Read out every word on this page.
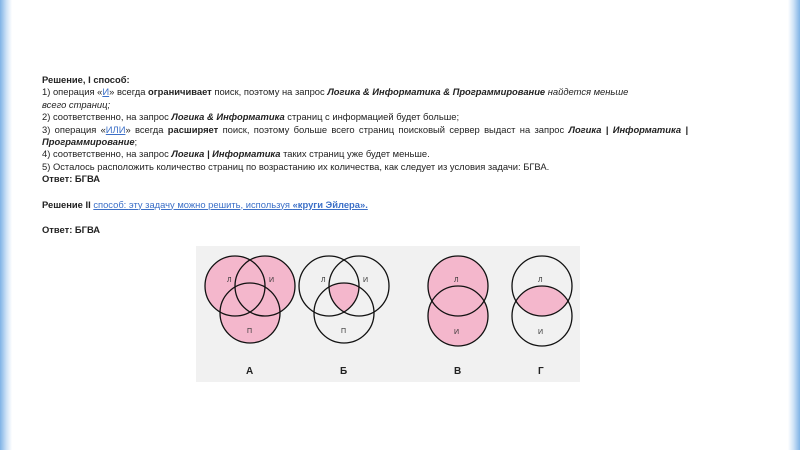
Решение, I способ:

1) операция «И» всегда ограничивает поиск, поэтому на запрос Логика & Информатика & Программирование найдется меньше

всего страниц;

2) соответственно, на запрос Логика & Информатика страниц с информацией будет больше;

3) операция «ИЛИ» всегда расширяет поиск, поэтому больше всего страниц поисковый сервер выдаст на запрос Логика | Информатика | Программирование;

4) соответственно, на запрос Логика | Информатика таких страниц уже будет меньше.

5) Осталось расположить количество страниц по возрастанию их количества, как следует из условия задачи: БГВА.

Ответ: БГВА

Решение II способ: эту задачу можно решить, используя «круги Эйлера».

Ответ: БГВА

Л	И
П
А
Л	И
П
Б
Л
И
В
Л
И
Г
